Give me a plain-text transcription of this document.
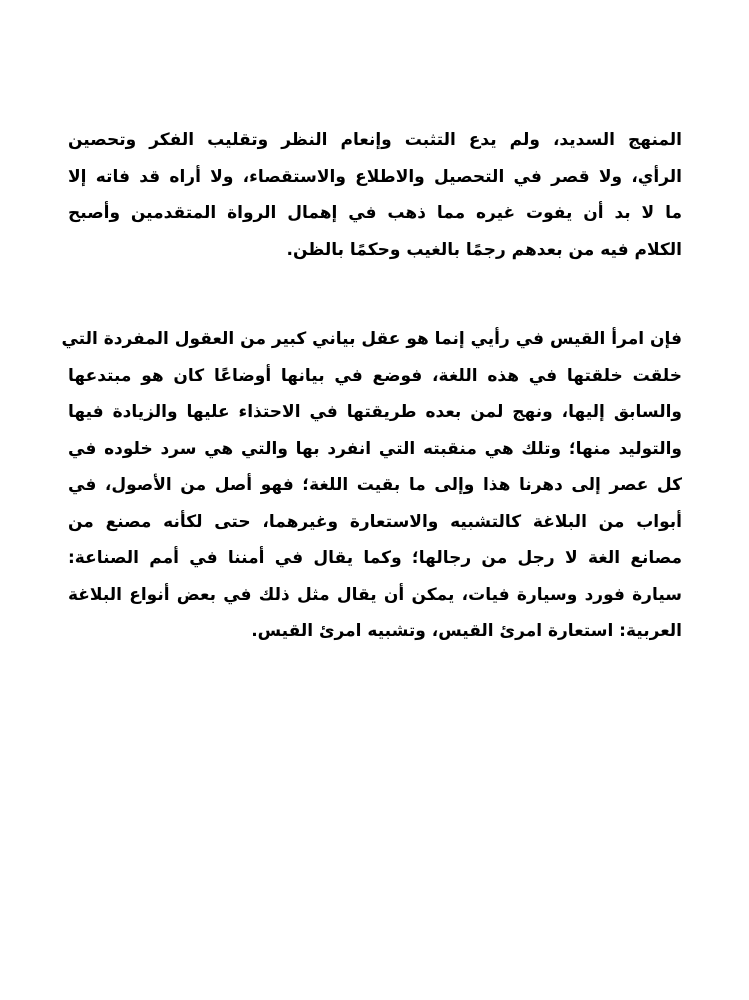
المنهج السديد، ولم يدع التثبت وإنعام النظر وتقليب الفكر وتحصين
الرأي، ولا قصر في التحصيل والاطلاع والاستقصاء، ولا أراه قد فاته إلا
ما لا بد أن يفوت غيره مما ذهب في إهمال الرواة المتقدمين وأصبح
الكلام فيه من بعدهم رجمًا بالغيب وحكمًا بالظن.
فإن امرأ القيس في رأيي إنما هو عقل بياني كبير من العقول المفردة التي
خلقت خلقتها في هذه اللغة، فوضع في بيانها أوضاعًا كان هو مبتدعها
والسابق إليها، ونهج لمن بعده طريقتها في الاحتذاء عليها والزيادة فيها
والتوليد منها؛ وتلك هي منقبته التي انفرد بها والتي هي سرد خلوده في
كل عصر إلى دهرنا هذا وإلى ما بقيت اللغة؛ فهو أصل من الأصول، في
أبواب من البلاغة كالتشبيه والاستعارة وغيرهما، حتى لكأنه مصنع من
مصانع الغة لا رجل من رجالها؛ وكما يقال في أمننا في أمم الصناعة:
سيارة فورد وسيارة فيات، يمكن أن يقال مثل ذلك في بعض أنواع البلاغة
العربية: استعارة امرئ القيس، وتشبيه امرئ القيس.
